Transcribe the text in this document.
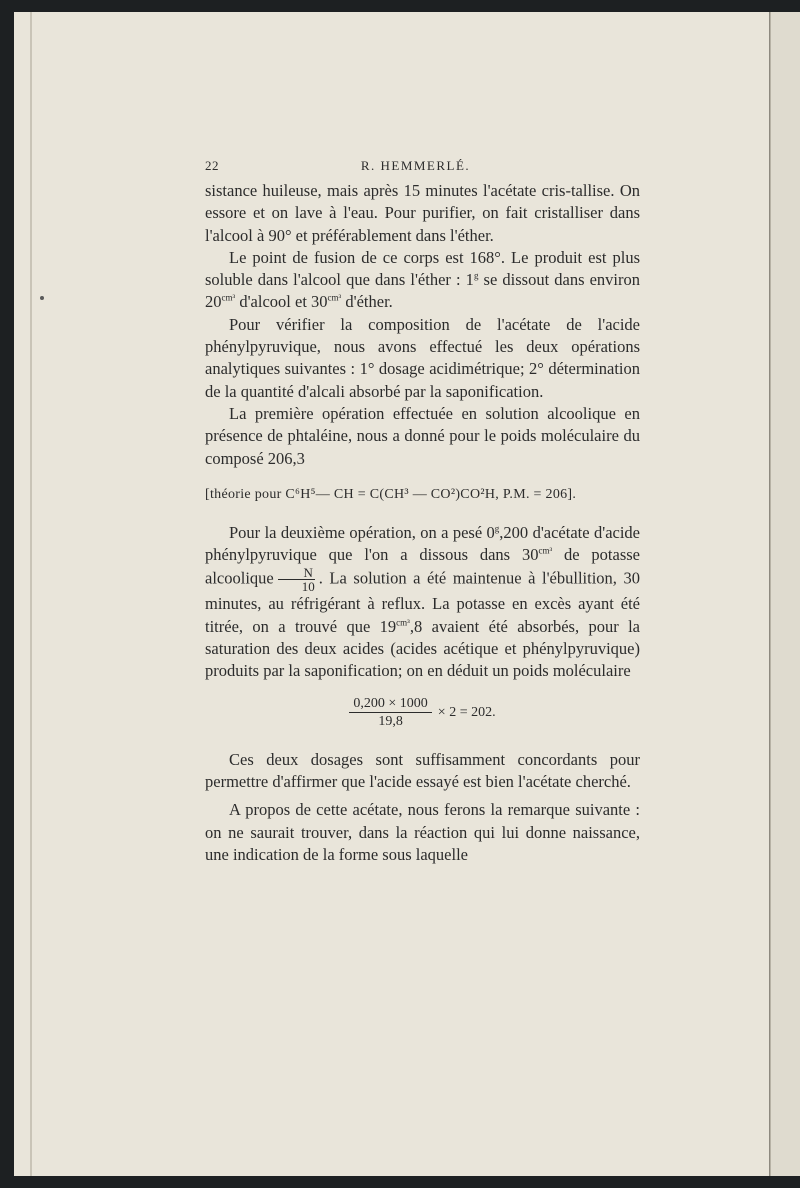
22	R. HEMMERLÉ.

sistance huileuse, mais après 15 minutes l'acétate cris-tallise. On essore et on lave à l'eau. Pour purifier, on fait cristalliser dans l'alcool à 90° et préférablement dans l'éther.

Le point de fusion de ce corps est 168°. Le produit est plus soluble dans l'alcool que dans l'éther : 1$^g$ se dissout dans environ $20^{cm^3}$ d'alcool et $30^{cm^3}$ d'éther.

Pour vérifier la composition de l'acétate de l'acide phénylpyruvique, nous avons effectué les deux opérations analytiques suivantes : 1° dosage acidimétrique; 2° détermination de la quantité d'alcali absorbé par la saponification.

La première opération effectuée en solution alcoolique en présence de phtaléine, nous a donné pour le poids moléculaire du composé 206,3

[théorie pour C⁶H⁵— CH = C(CH³ — CO²)CO²H, P.M. = 206].

Pour la deuxième opération, on a pesé 0$^g$,200 d'acétate d'acide phénylpyruvique que l'on a dissous dans $30^{cm^3}$ de potasse alcoolique $\frac{N}{10}$ . La solution a été maintenue à l'ébullition, 30 minutes, au réfrigérant à reflux. La potasse en excès ayant été titrée, on a trouvé que $19^{cm^3},8$ avaient été absorbés, pour la saturation des deux acides (acides acétique et phénylpyruvique) produits par la saponification; on en déduit un poids moléculaire

$\frac{0,200 \times 1000}{19,8} \times 2 = 202$.

Ces deux dosages sont suffisamment concordants pour permettre d'affirmer que l'acide essayé est bien l'acétate cherché.

A propos de cette acétate, nous ferons la remarque suivante : on ne saurait trouver, dans la réaction qui lui donne naissance, une indication de la forme sous laquelle
